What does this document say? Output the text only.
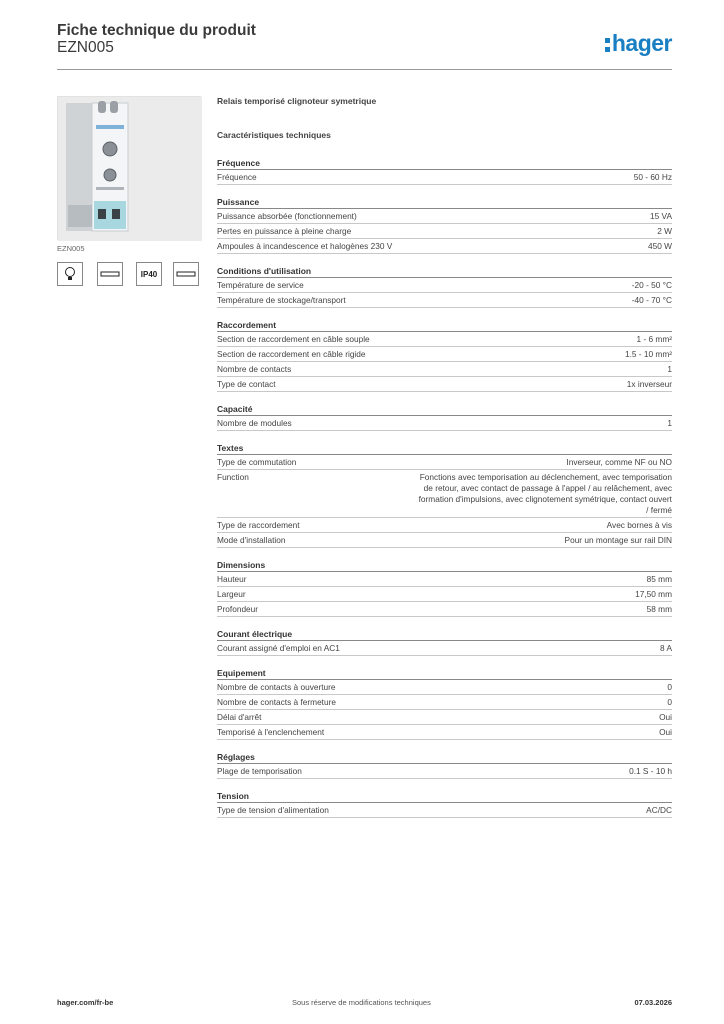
Fiche technique du produit
EZN005	hager
EZN005
IP40
Relais temporisé clignoteur symetrique
Caractéristiques techniques
Fréquence
Fréquence	50 - 60 Hz
Puissance
Puissance absorbée (fonctionnement)	15 VA
Pertes en puissance à pleine charge	2 W
Ampoules à incandescence et halogènes 230 V	450 W
Conditions d'utilisation
Température de service	-20 - 50 °C
Température de stockage/transport	-40 - 70 °C
Raccordement
Section de raccordement en câble souple	1 - 6 mm²
Section de raccordement en câble rigide	1.5 - 10 mm²
Nombre de contacts	1
Type de contact	1x inverseur
Capacité
Nombre de modules	1
Textes
Type de commutation	Inverseur, comme NF ou NO
Function	Fonctions avec temporisation au déclenchement, avec temporisation de retour, avec contact de passage à l'appel / au relâchement, avec formation d'impulsions, avec clignotement symétrique, contact ouvert / fermé
Type de raccordement	Avec bornes à vis
Mode d'installation	Pour un montage sur rail DIN
Dimensions
Hauteur	85 mm
Largeur	17,50 mm
Profondeur	58 mm
Courant électrique
Courant assigné d'emploi en AC1	8 A
Equipement
Nombre de contacts à ouverture	0
Nombre de contacts à fermeture	0
Délai d'arrêt	Oui
Temporisé à l'enclenchement	Oui
Réglages
Plage de temporisation	0.1 S - 10 h
Tension
Type de tension d'alimentation	AC/DC
hager.com/fr-be	Sous réserve de modifications techniques	07.03.2026
